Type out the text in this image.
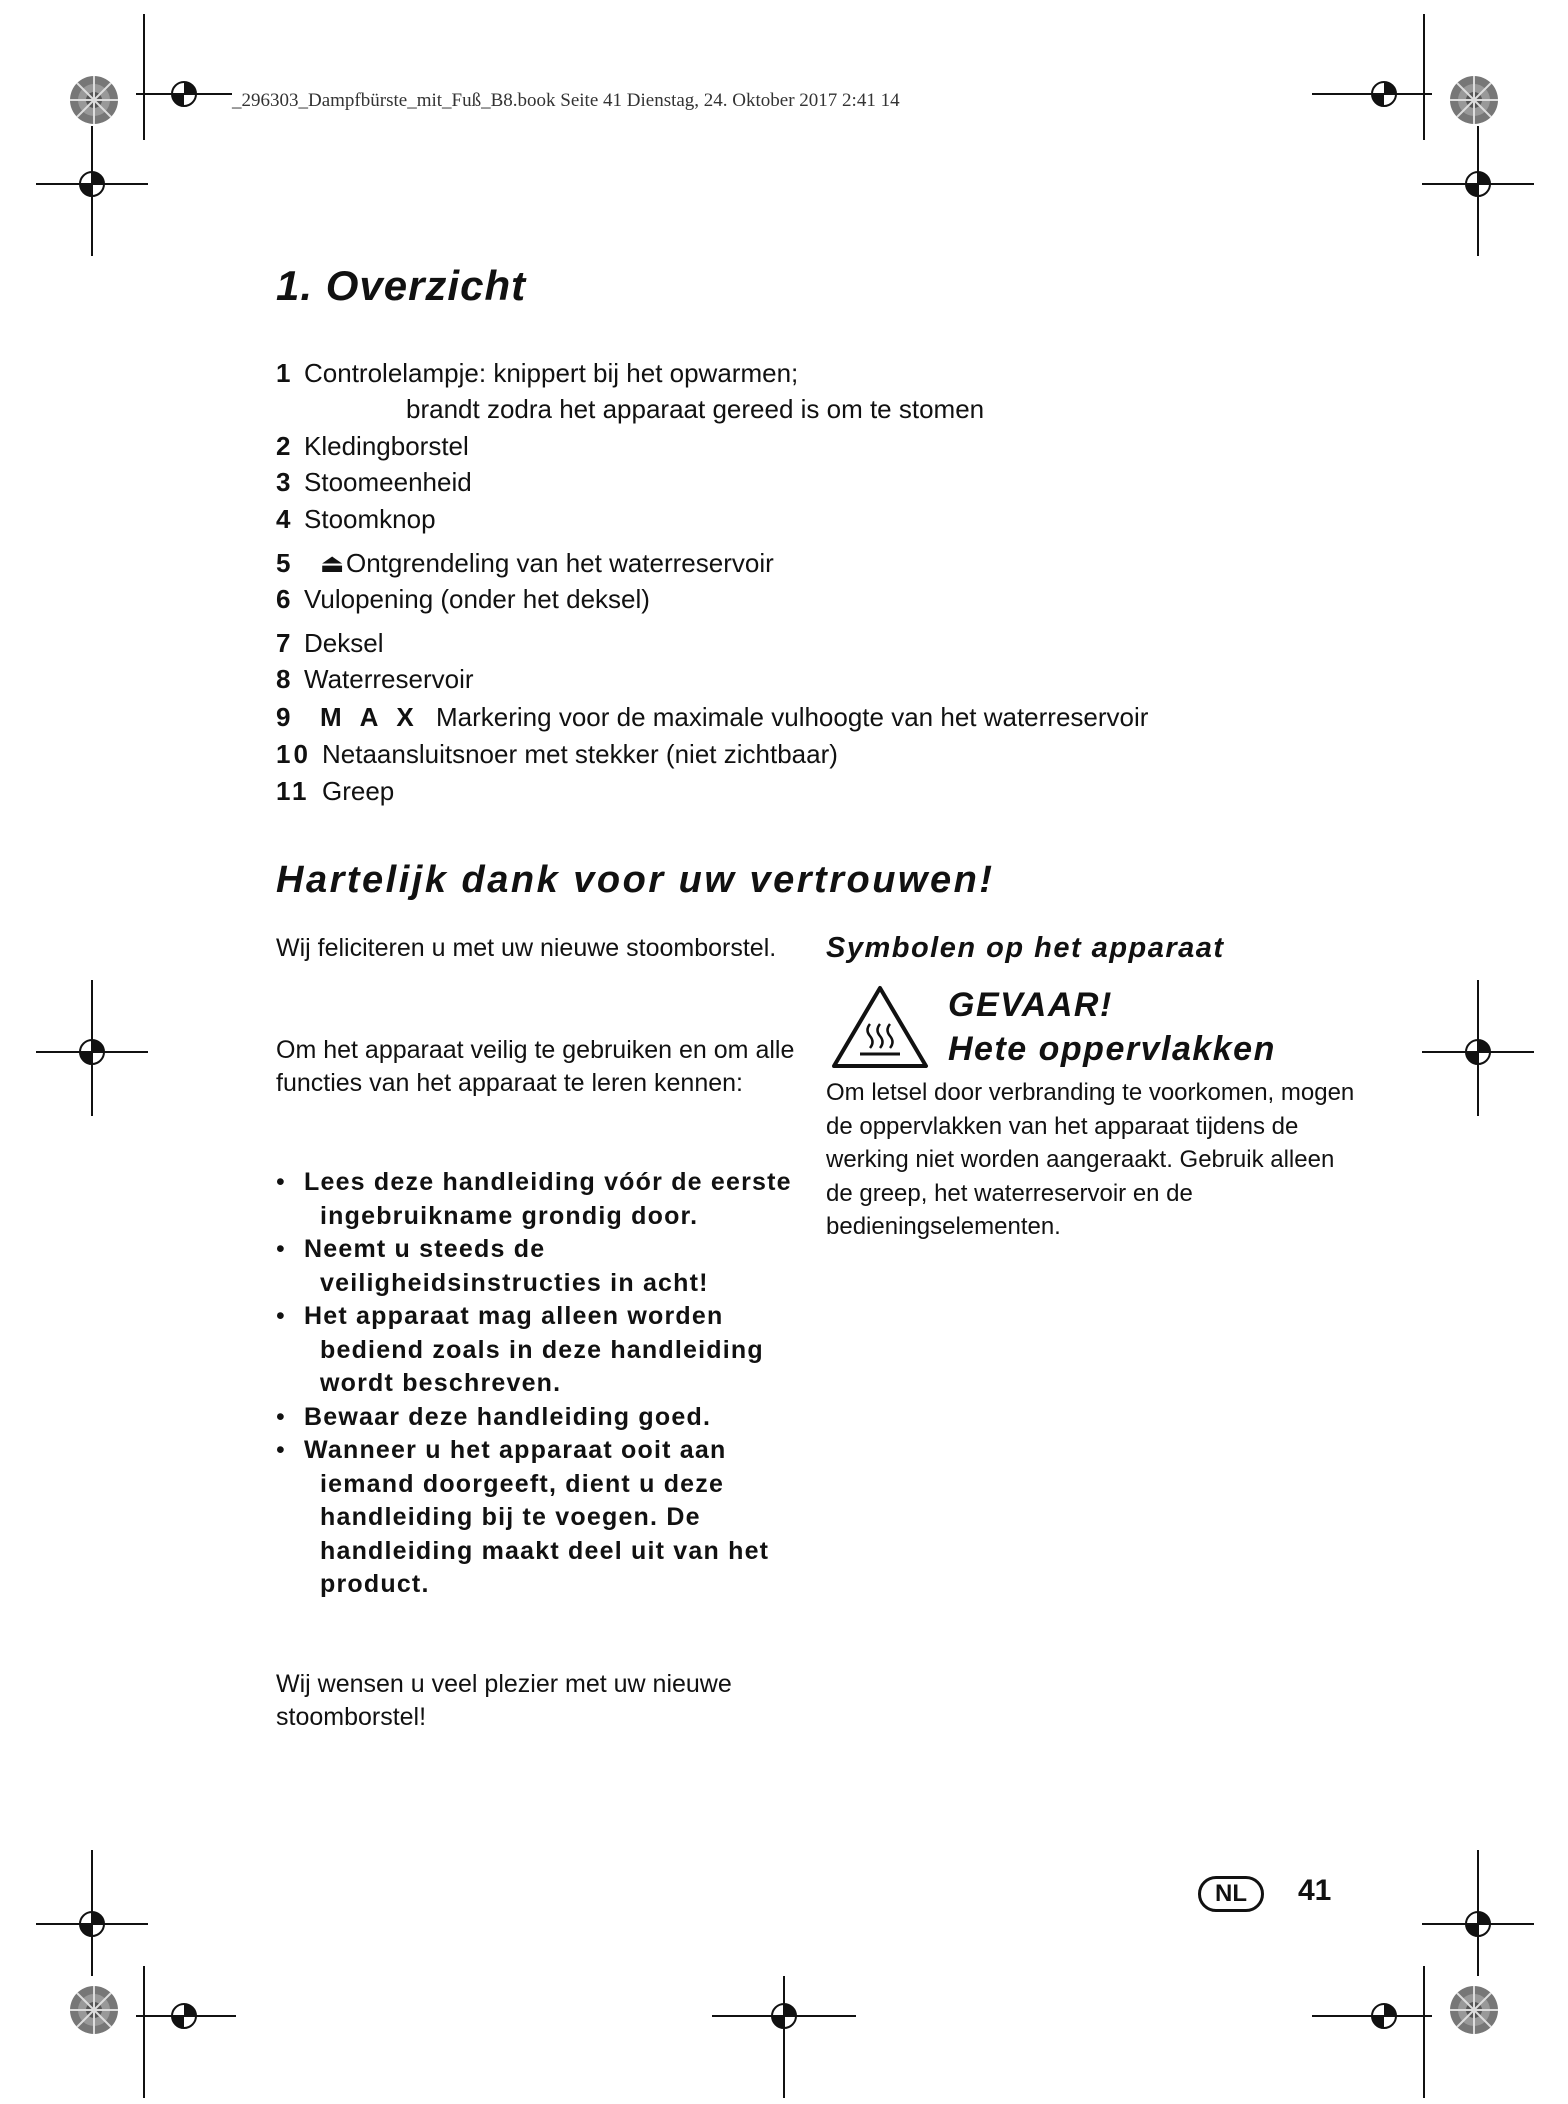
_296303_Dampfbürste_mit_Fuß_B8.book Seite 41 Dienstag, 24. Oktober 2017 2:41 14
1. Overzicht
1 Controlelampje: knippert bij het opwarmen;
brandt zodra het apparaat gereed is om te stomen
2 Kledingborstel
3 Stoomeenheid
4 Stoomknop
5 ⏏Ontgrendeling van het waterreservoir
6 Vulopening (onder het deksel)
7 Deksel
8 Waterreservoir
9 MAX Markering voor de maximale vulhoogte van het waterreservoir
10 Netaansluitsnoer met stekker (niet zichtbaar)
11 Greep
Hartelijk dank voor uw vertrouwen!

Wij feliciteren u met uw nieuwe stoomborstel.

Om het apparaat veilig te gebruiken en om alle functies van het apparaat te leren kennen:

• Lees deze handleiding vóór de eerste ingebruikname grondig door.
• Neemt u steeds de veiligheidsinstructies in acht!
• Het apparaat mag alleen worden bediend zoals in deze handleiding wordt beschreven.
• Bewaar deze handleiding goed.
• Wanneer u het apparaat ooit aan iemand doorgeeft, dient u deze handleiding bij te voegen. De handleiding maakt deel uit van het product.

Wij wensen u veel plezier met uw nieuwe stoomborstel!

Symbolen op het apparaat
GEVAAR!
Hete oppervlakken
Om letsel door verbranding te voorkomen, mogen de oppervlakken van het apparaat tijdens de werking niet worden aangeraakt. Gebruik alleen de greep, het waterreservoir en de bedieningselementen.
NL	41
